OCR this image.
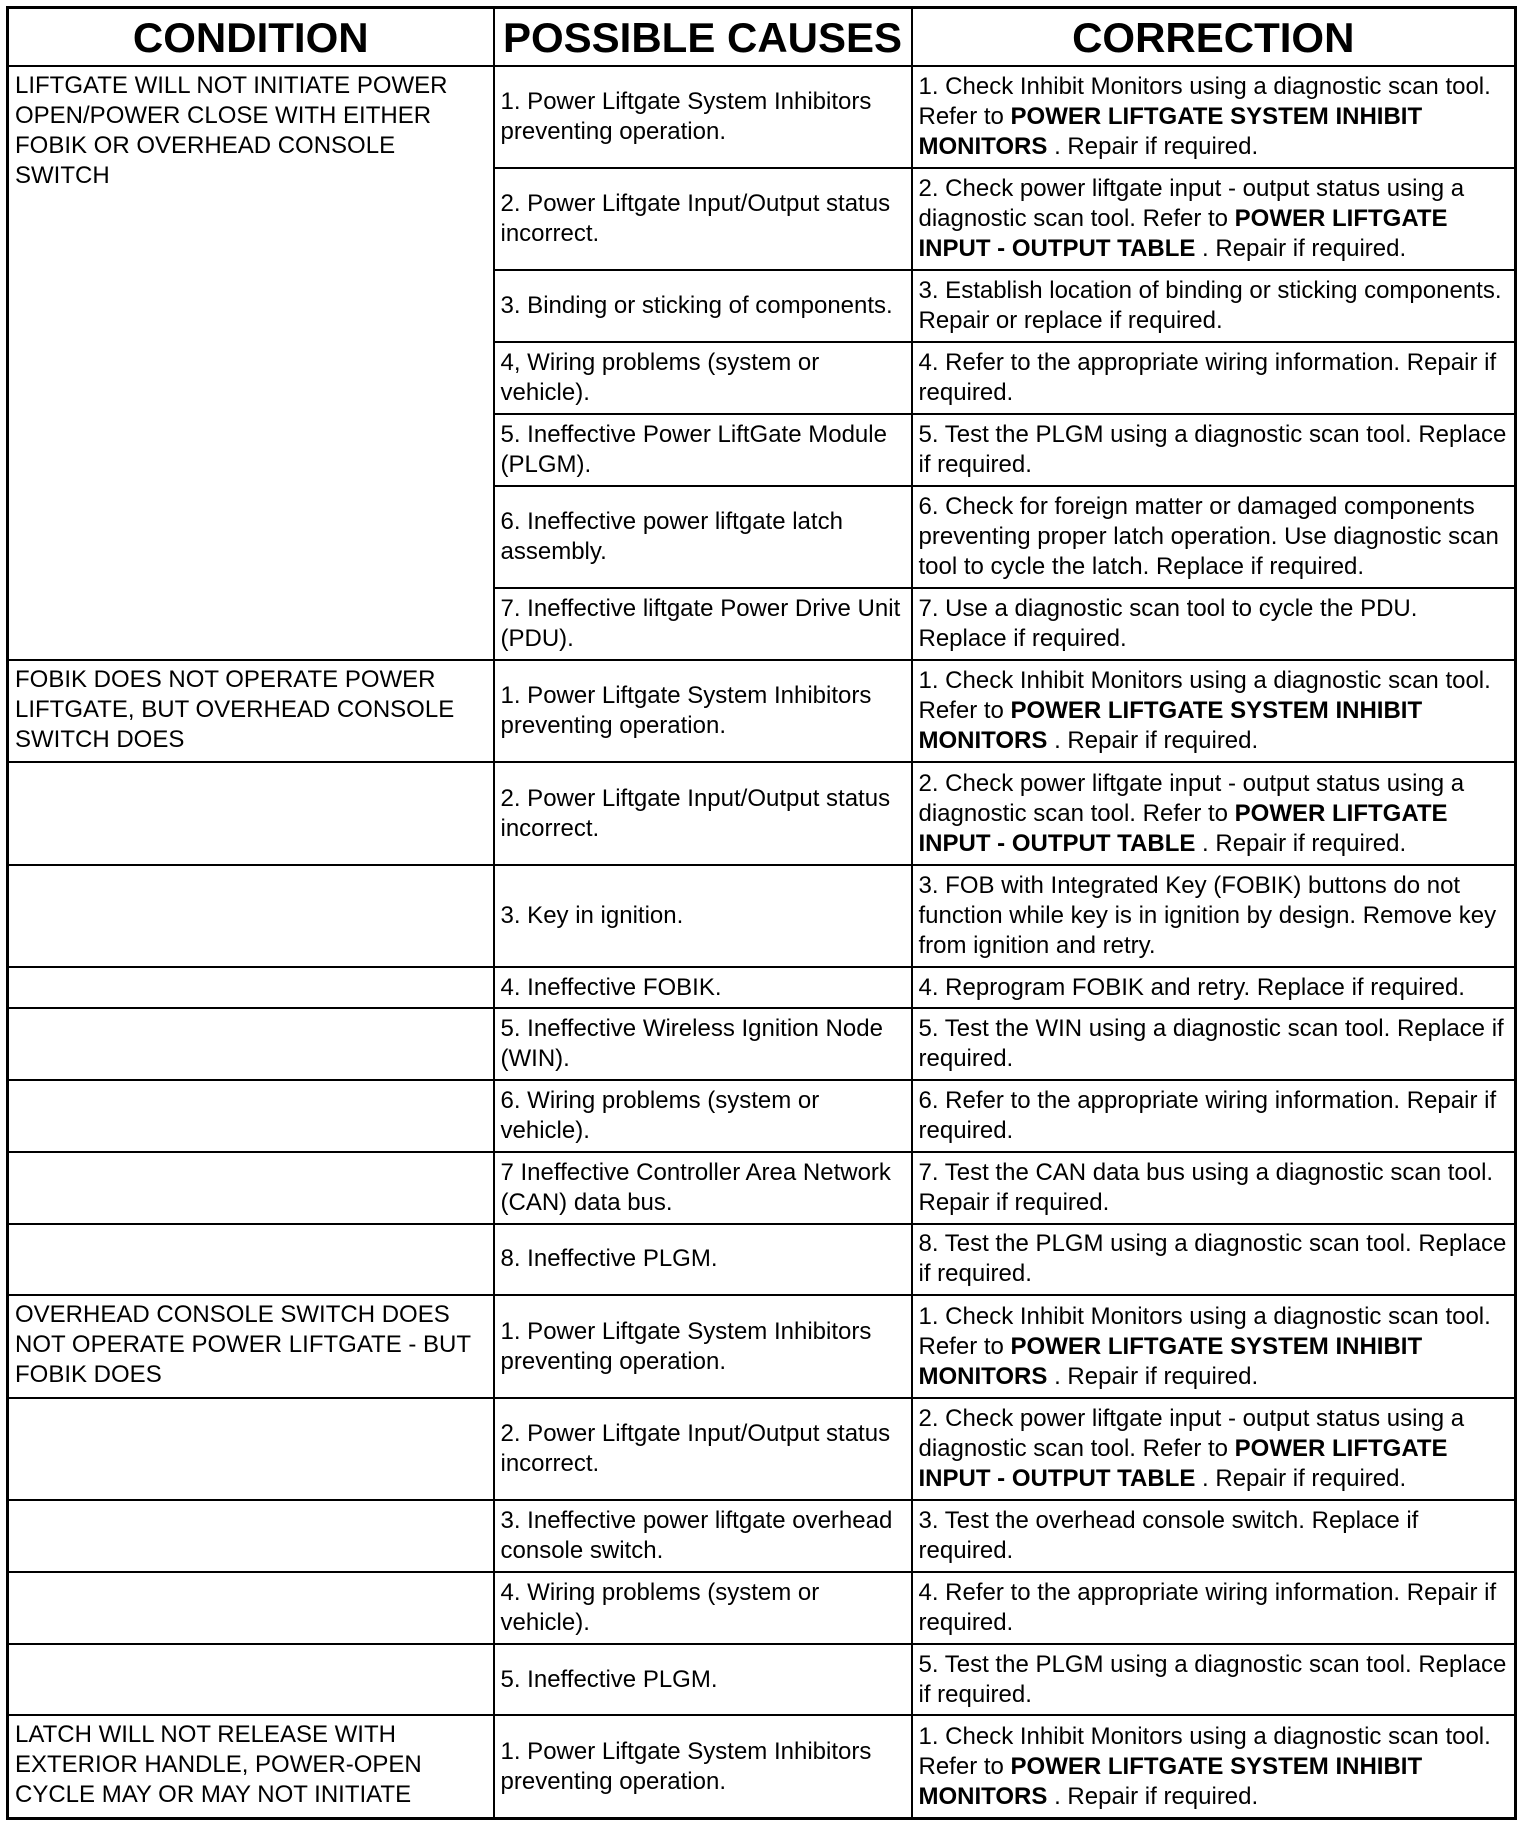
CONDITION	POSSIBLE CAUSES	CORRECTION
LIFTGATE WILL NOT INITIATE POWER OPEN/POWER CLOSE WITH EITHER FOBIK OR OVERHEAD CONSOLE SWITCH	1. Power Liftgate System Inhibitors preventing operation.	1. Check Inhibit Monitors using a diagnostic scan tool. Refer to POWER LIFTGATE SYSTEM INHIBIT MONITORS . Repair if required.
	2. Power Liftgate Input/Output status incorrect.	2. Check power liftgate input - output status using a diagnostic scan tool. Refer to POWER LIFTGATE INPUT - OUTPUT TABLE . Repair if required.
	3. Binding or sticking of components.	3. Establish location of binding or sticking components. Repair or replace if required.
	4, Wiring problems (system or vehicle).	4. Refer to the appropriate wiring information. Repair if required.
	5. Ineffective Power LiftGate Module (PLGM).	5. Test the PLGM using a diagnostic scan tool. Replace if required.
	6. Ineffective power liftgate latch assembly.	6. Check for foreign matter or damaged components preventing proper latch operation. Use diagnostic scan tool to cycle the latch. Replace if required.
	7. Ineffective liftgate Power Drive Unit (PDU).	7. Use a diagnostic scan tool to cycle the PDU. Replace if required.
FOBIK DOES NOT OPERATE POWER LIFTGATE, BUT OVERHEAD CONSOLE SWITCH DOES	1. Power Liftgate System Inhibitors preventing operation.	1. Check Inhibit Monitors using a diagnostic scan tool. Refer to POWER LIFTGATE SYSTEM INHIBIT MONITORS . Repair if required.
	2. Power Liftgate Input/Output status incorrect.	2. Check power liftgate input - output status using a diagnostic scan tool. Refer to POWER LIFTGATE INPUT - OUTPUT TABLE . Repair if required.
	3. Key in ignition.	3. FOB with Integrated Key (FOBIK) buttons do not function while key is in ignition by design. Remove key from ignition and retry.
	4. Ineffective FOBIK.	4. Reprogram FOBIK and retry. Replace if required.
	5. Ineffective Wireless Ignition Node (WIN).	5. Test the WIN using a diagnostic scan tool. Replace if required.
	6. Wiring problems (system or vehicle).	6. Refer to the appropriate wiring information. Repair if required.
	7 Ineffective Controller Area Network (CAN) data bus.	7. Test the CAN data bus using a diagnostic scan tool. Repair if required.
	8. Ineffective PLGM.	8. Test the PLGM using a diagnostic scan tool. Replace if required.
OVERHEAD CONSOLE SWITCH DOES NOT OPERATE POWER LIFTGATE - BUT FOBIK DOES	1. Power Liftgate System Inhibitors preventing operation.	1. Check Inhibit Monitors using a diagnostic scan tool. Refer to POWER LIFTGATE SYSTEM INHIBIT MONITORS . Repair if required.
	2. Power Liftgate Input/Output status incorrect.	2. Check power liftgate input - output status using a diagnostic scan tool. Refer to POWER LIFTGATE INPUT - OUTPUT TABLE . Repair if required.
	3. Ineffective power liftgate overhead console switch.	3. Test the overhead console switch. Replace if required.
	4. Wiring problems (system or vehicle).	4. Refer to the appropriate wiring information. Repair if required.
	5. Ineffective PLGM.	5. Test the PLGM using a diagnostic scan tool. Replace if required.
LATCH WILL NOT RELEASE WITH EXTERIOR HANDLE, POWER-OPEN CYCLE MAY OR MAY NOT INITIATE	1. Power Liftgate System Inhibitors preventing operation.	1. Check Inhibit Monitors using a diagnostic scan tool. Refer to POWER LIFTGATE SYSTEM INHIBIT MONITORS . Repair if required.
